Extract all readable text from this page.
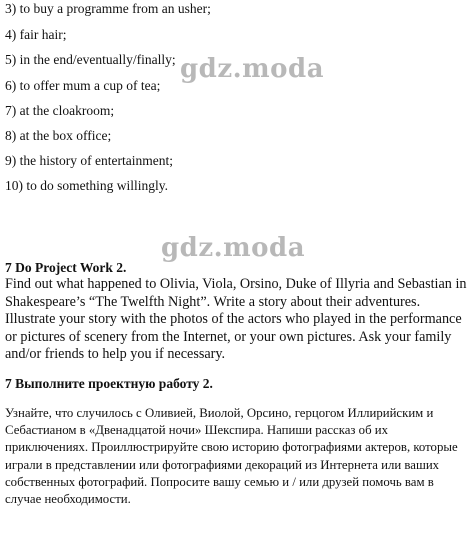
3) to buy a programme from an usher;
4) fair hair;
5) in the end/eventually/finally;
6) to offer mum a cup of tea;
7) at the cloakroom;
8) at the box office;
9) the history of entertainment;
10) to do something willingly.
gdz.moda
gdz.moda
7 Do Project Work 2.
Find out what happened to Olivia, Viola, Orsino, Duke of Illyria and Sebastian in Shakespeare’s “The Twelfth Night”. Write a story about their adventures. Illustrate your story with the photos of the actors who played in the performance or pictures of scenery from the Internet, or your own pictures. Ask your family and/or friends to help you if necessary.
7 Выполните проектную работу 2.
Узнайте, что случилось с Оливией, Виолой, Орсино, герцогом Иллирийским и Себастианом в «Двенадцатой ночи» Шекспира. Напиши рассказ об их приключениях. Проиллюстрируйте свою историю фотографиями актеров, которые играли в представлении или фотографиями декораций из Интернета или ваших собственных фотографий. Попросите вашу семью и / или друзей помочь вам в случае необходимости.
